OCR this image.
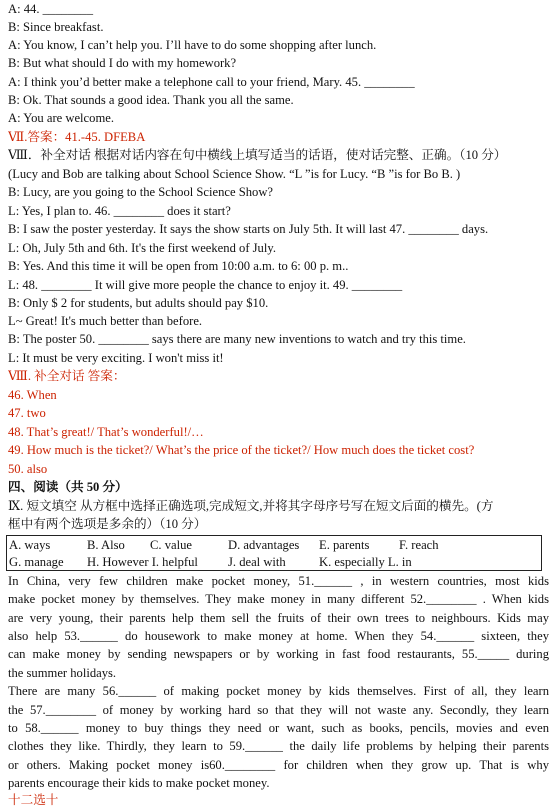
A: 44. ________
B: Since breakfast.
A: You know, I can’t help you. I’ll have to do some shopping after lunch.
B: But what should I do with my homework?
A: I think you’d better make a telephone call to your friend, Mary. 45. ________
B: Ok. That sounds a good idea. Thank you all the same.
A: You are welcome.
Ⅶ.答案：41.-45. DFEBA
Ⅷ．补全对话 根据对话内容在句中横线上填写适当的话语，使对话完整、正确。（10 分）
(Lucy and Bob are talking about School Science Show. “L ”is for Lucy. “B ”is for Bo B. )
B: Lucy, are you going to the School Science Show?
L: Yes, I plan to. 46. ________ does it start?
B: I saw the poster yesterday. It says the show starts on July 5th. It will last 47. ________ days.
L: Oh, July 5th and 6th. It's the first weekend of July.
B: Yes. And this time it will be open from 10:00 a.m. to 6: 00 p. m..
L: 48. ________ It will give more people the chance to enjoy it. 49. ________
B: Only $ 2 for students, but adults should pay $10.
L~ Great! It's much better than before.
B: The poster 50. ________ says there are many new inventions to watch and try this time.
L: It must be very exciting. I won't miss it!
Ⅷ. 补全对话 答案：
46. When
47. two
48. That’s great!/ That’s wonderful!/…
49. How much is the ticket?/ What’s the price of the ticket?/ How much does the ticket cost?
50. also
四、阅读（共 50 分）
Ⅸ. 短文填空 从方框中选择正确选项,完成短文,并将其字母序号写在短文后面的横先。(方
框中有两个选项是多余的）（10 分）
A. ways	B. Also C. value	D. advantages E. parents F. reach
G. manage H. However I. helpful J. deal with	K. especially L. in
In China, very few children make pocket money, 51.______ , in western countries, most kids
make pocket money by themselves. They make money in many different 52.________ . When kids
are very young, their parents help them sell the fruits of their own trees to neighbours. Kids may
also help 53.______ do housework to make money at home. When they 54.______ sixteen, they
can make money by sending newspapers or by working in fast food restaurants, 55._____ during
the summer holidays.
There are many 56.______ of making pocket money by kids themselves. First of all, they learn
the 57.________ of money by working hard so that they will not waste any. Secondly, they learn
to 58.______ money to buy things they need or want, such as books, pencils, movies and even
clothes they like. Thirdly, they learn to 59.______ the daily life problems by helping their parents
or others. Making pocket money is60.________ for children when they grow up. That is why
parents encourage their kids to make pocket money.
十二选十
